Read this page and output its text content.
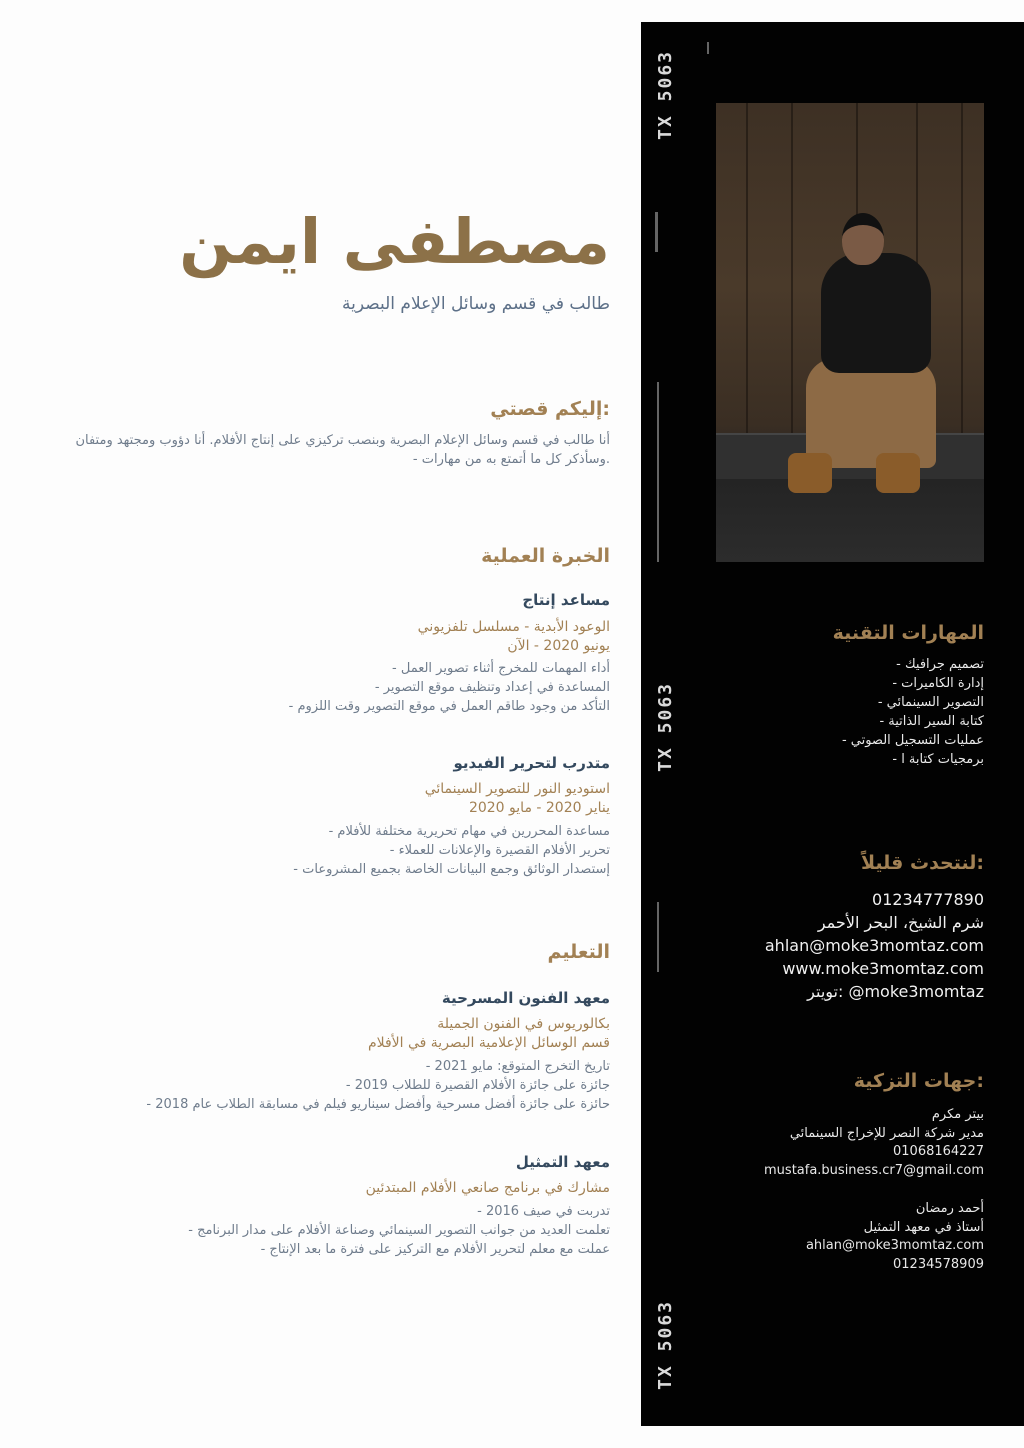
TX 5063
TX 5063
TX 5063
المهارات التقنية
- تصميم جرافيك
- إدارة الكاميرات
- التصوير السينمائي
- كتابة السير الذاتية
- عمليات التسجيل الصوتي
- برمجيات كتابة ا
لنتحدث قليلاً:
01234777890
شرم الشيخ، البحر الأحمر
ahlan@moke3momtaz.com
www.moke3momtaz.com
تويتر: @moke3momtaz
جهات التزكية:
بيتر مكرم
مدير شركة النصر للإخراج السينمائي
01068164227
mustafa.business.cr7@gmail.com
أحمد رمضان
أستاذ في معهد التمثيل
ahlan@moke3momtaz.com
01234578909
مصطفى ايمن
طالب في قسم وسائل الإعلام البصرية
إليكم قصتي:
أنا طالب في قسم وسائل الإعلام البصرية وبنصب تركيزي على إنتاج الأفلام. أنا دؤوب ومجتهد ومتفان
- وسأذكر كل ما أتمتع به من مهارات.
الخبرة العملية
مساعد إنتاج
الوعود الأبدية - مسلسل تلفزيوني
يونيو 2020 - الآن
- أداء المهمات للمخرج أثناء تصوير العمل
- المساعدة في إعداد وتنظيف موقع التصوير
- التأكد من وجود طاقم العمل في موقع التصوير وقت اللزوم
متدرب لتحرير الفيديو
استوديو النور للتصوير السينمائي
يناير 2020 - مايو 2020
- مساعدة المحررين في مهام تحريرية مختلفة للأفلام
- تحرير الأفلام القصيرة والإعلانات للعملاء
- إستصدار الوثائق وجمع البيانات الخاصة بجميع المشروعات
التعليم
معهد الفنون المسرحية
بكالوريوس في الفنون الجميلة
قسم الوسائل الإعلامية البصرية في الأفلام
- تاريخ التخرج المتوقع: مايو 2021
- جائزة على جائزة الأفلام القصيرة للطلاب 2019
- حائزة على جائزة أفضل مسرحية وأفضل سيناريو فيلم في مسابقة الطلاب عام 2018
معهد التمثيل
مشارك في برنامج صانعي الأفلام المبتدئين
- تدربت في صيف 2016
- تعلمت العديد من جوانب التصوير السينمائي وصناعة الأفلام على مدار البرنامج
- عملت مع معلم لتحرير الأفلام مع التركيز على فترة ما بعد الإنتاج
